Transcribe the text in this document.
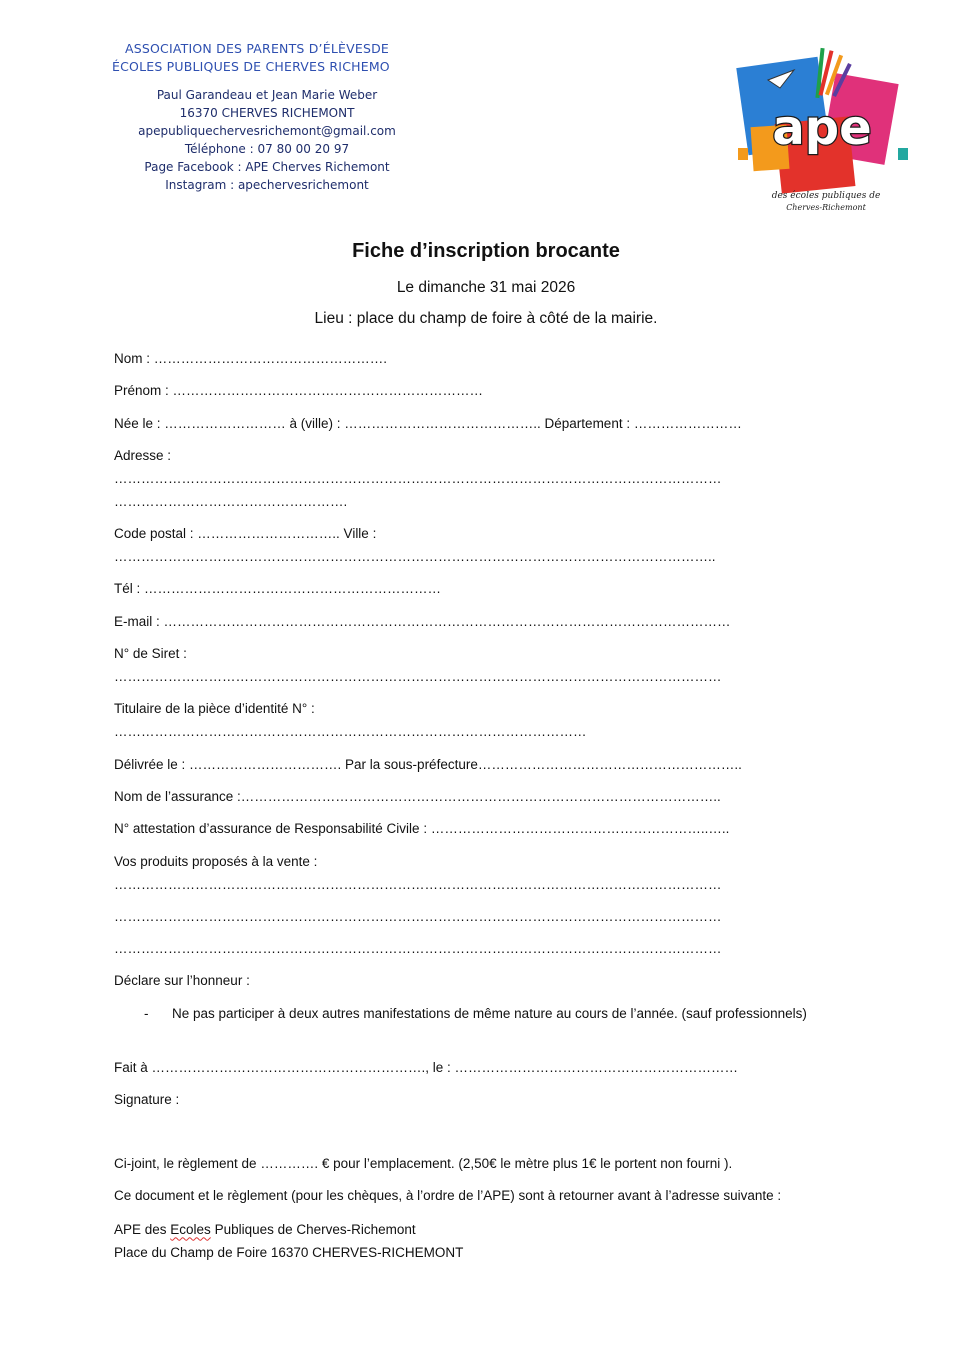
ASSOCIATION DES PARENTS D’ÉLÈVESDE
ÉCOLES PUBLIQUES DE CHERVES RICHEMO
Paul Garandeau et Jean Marie Weber
16370 CHERVES RICHEMONT
apepubliquechervesrichemont@gmail.com
Téléphone : 07 80 00 20 97
Page Facebook : APE Cherves Richemont
Instagram : apechervesrichemont
ape
des écoles publiques de
Cherves-Richemont
Fiche d’inscription brocante
Le dimanche 31 mai 2026
Lieu : place du champ de foire à côté de la mairie.
Nom : …………………………………………….
Prénom : ……………………………………………………………
Née le : ……………………… à (ville) : …………………………………….. Département : ……………………
Adresse :
………………………………………………………………………………………………………………………
…………………………………………….
Code postal : ………………………….. Ville :
……………………………………………………………………………………………………………………..
Tél : …………………………………………………………
E-mail : ………………………………………………………………………………………………………………
N° de Siret :
………………………………………………………………………………………………………………………
Titulaire de la pièce d’identité N° :
……………………………………………………………………………………………
Délivrée le : ……………………………. Par la sous-préfecture…………………………………………………..
Nom de l’assurance :……………………………………………………………………………………………..
N° attestation d’assurance de Responsabilité Civile : ……………………………………………………..…..
Vos produits proposés à la vente :
………………………………………………………………………………………………………………………
………………………………………………………………………………………………………………………
………………………………………………………………………………………………………………………
Déclare sur l’honneur :
-	Ne pas participer à deux autres manifestations de même nature au cours de l’année. (sauf professionnels)
Fait à ……………………………………………………., le : ………………………………………………………
Signature :
Ci-joint, le règlement de …………. € pour l’emplacement. (2,50€ le mètre plus 1€ le portent non fourni ).
Ce document et le règlement (pour les chèques, à l’ordre de l’APE) sont à retourner avant à l’adresse suivante :
APE des Ecoles Publiques de Cherves-Richemont
Place du Champ de Foire 16370 CHERVES-RICHEMONT
